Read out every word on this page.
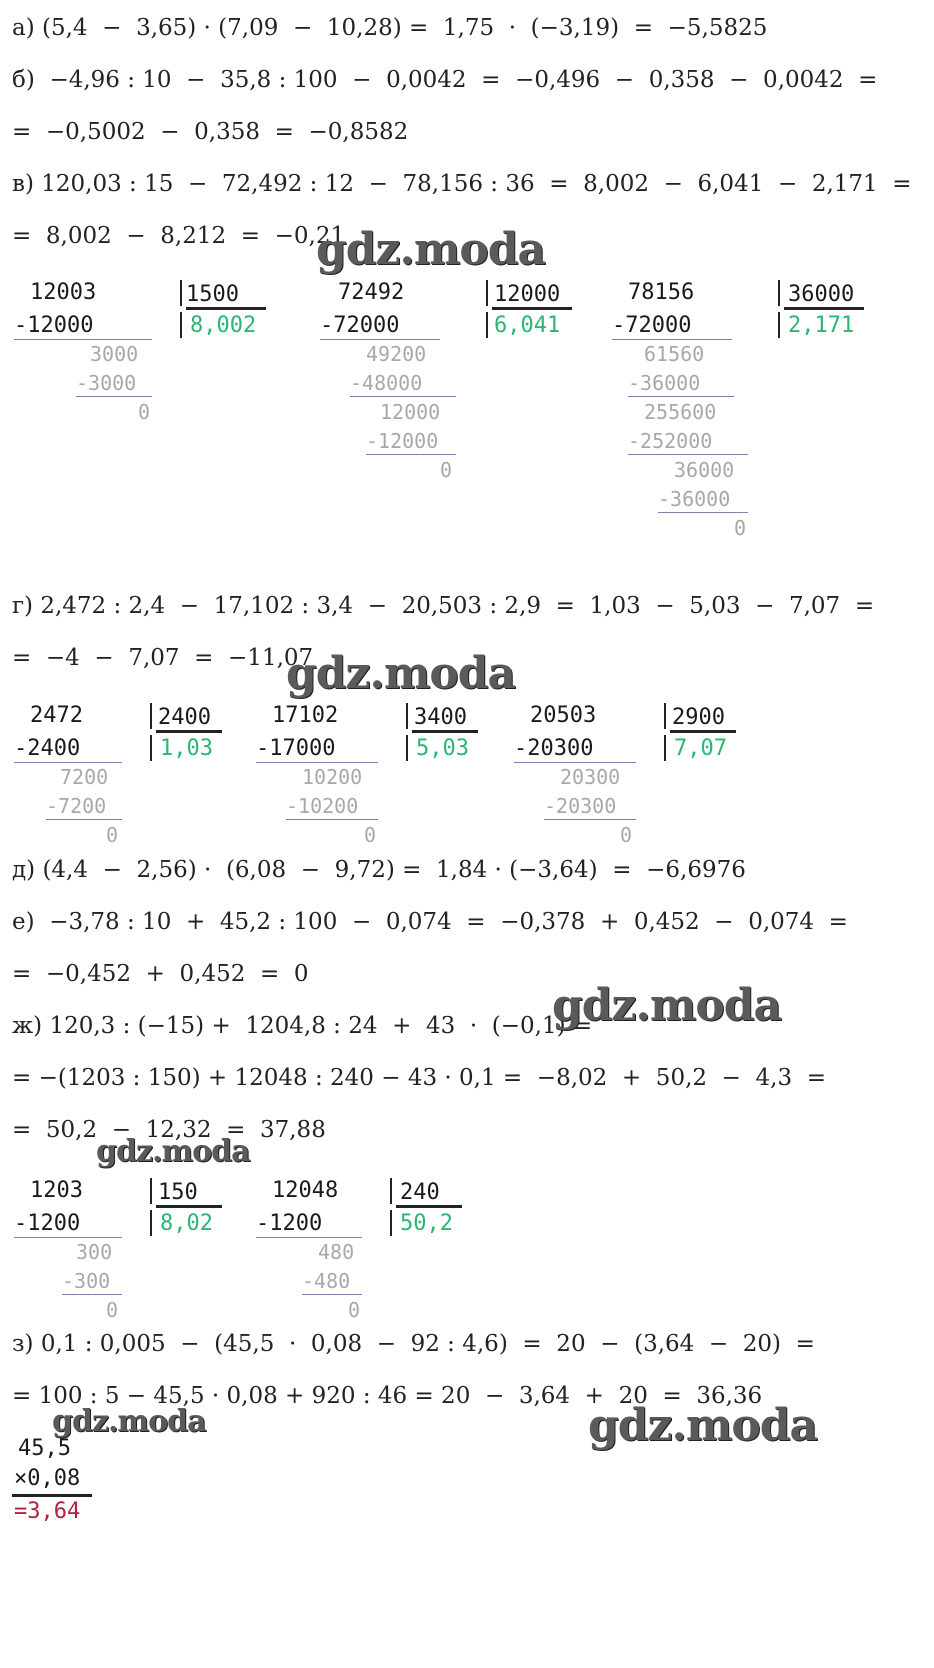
а) (5,4  −  3,65) · (7,09  −  10,28) =  1,75  ·  (−3,19)  =  −5,5825
б)  −4,96 : 10  −  35,8 : 100  −  0,0042  =  −0,496  −  0,358  −  0,0042  =
=  −0,5002  −  0,358  =  −0,8582
в) 120,03 : 15  −  72,492 : 12  −  78,156 : 36  =  8,002  −  6,041  −  2,171  =
=  8,002  −  8,212  =  −0,21
12003	1500
8,002
-12000
3000
-3000
0
72492	12000
6,041
-72000
49200
-48000
12000
-12000
0
78156	36000
2,171
-72000
61560
-36000
255600
-252000
36000
-36000
0
г) 2,472 : 2,4  −  17,102 : 3,4  −  20,503 : 2,9  =  1,03  −  5,03  −  7,07  =
=  −4  −  7,07  =  −11,07
2472	2400
1,03
-2400
7200
-7200
0
17102	3400
5,03
-17000
10200
-10200
0
20503	2900
7,07
-20300
20300
-20300
0
д) (4,4  −  2,56) ·  (6,08  −  9,72) =  1,84 · (−3,64)  =  −6,6976
е)  −3,78 : 10  +  45,2 : 100  −  0,074  =  −0,378  +  0,452  −  0,074  =
=  −0,452  +  0,452  =  0
ж) 120,3 : (−15) +  1204,8 : 24  +  43  ·  (−0,1) =
= −(1203 : 150) + 12048 : 240 − 43 · 0,1 =  −8,02  +  50,2  −  4,3  =
=  50,2  −  12,32  =  37,88
1203	150
8,02
-1200
300
-300
0
12048	240
50,2
-1200
480
-480
0
з) 0,1 : 0,005  −  (45,5  ·  0,08  −  92 : 4,6)  =  20  −  (3,64  −  20)  =
= 100 : 5 − 45,5 · 0,08 + 920 : 46 = 20  −  3,64  +  20  =  36,36
45,5
×0,08
=3,64
gdz.moda
gdz.moda
gdz.moda
gdz.moda
gdz.moda	gdz.moda
